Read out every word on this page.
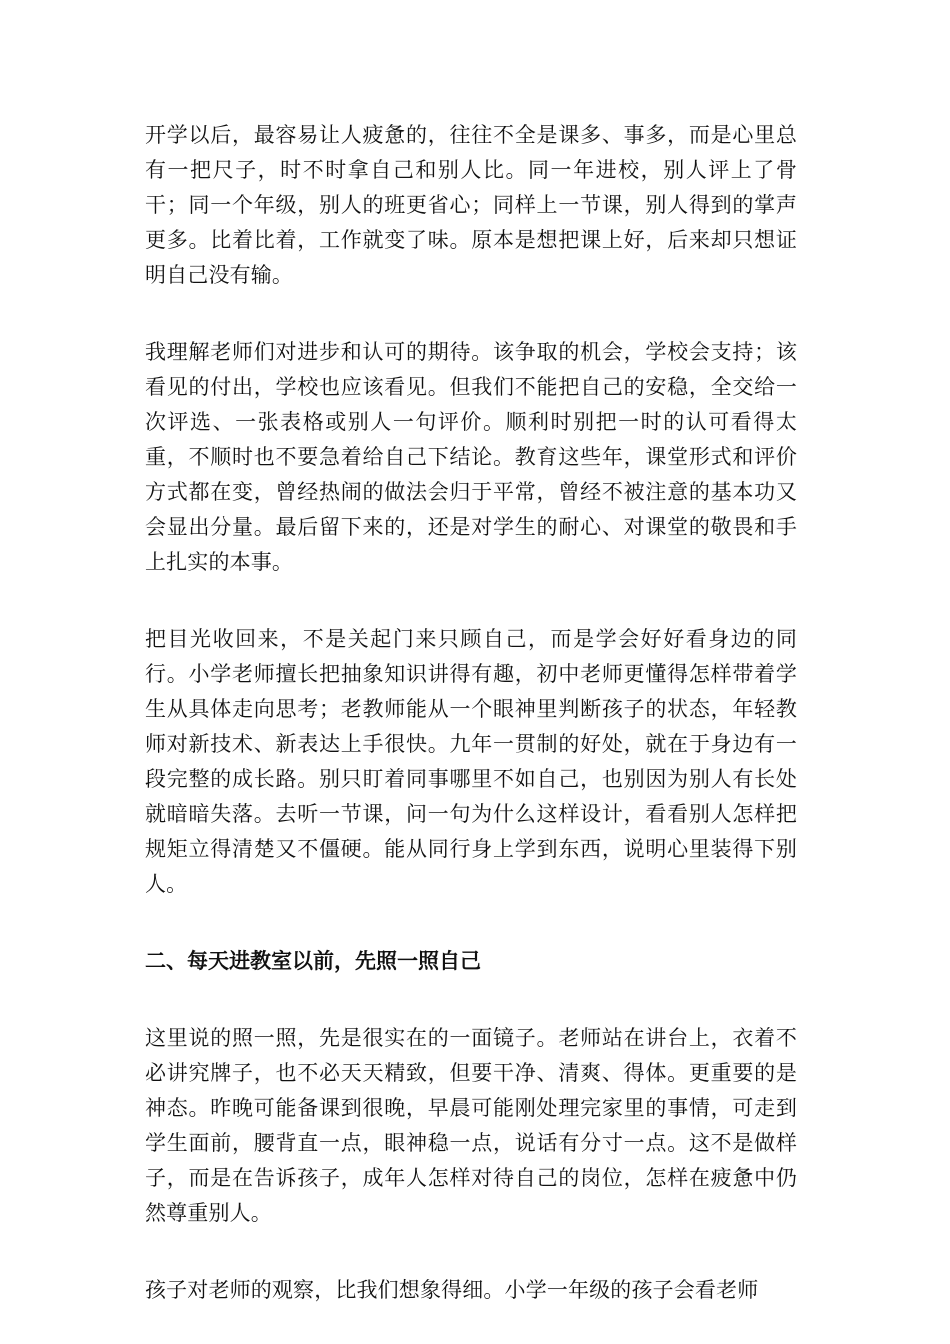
开学以后，最容易让人疲惫的，往往不全是课多、事多，而是心里总有一把尺子，时不时拿自己和别人比。同一年进校，别人评上了骨干；同一个年级，别人的班更省心；同样上一节课，别人得到的掌声更多。比着比着，工作就变了味。原本是想把课上好，后来却只想证明自己没有输。

我理解老师们对进步和认可的期待。该争取的机会，学校会支持；该看见的付出，学校也应该看见。但我们不能把自己的安稳，全交给一次评选、一张表格或别人一句评价。顺利时别把一时的认可看得太重，不顺时也不要急着给自己下结论。教育这些年，课堂形式和评价方式都在变，曾经热闹的做法会归于平常，曾经不被注意的基本功又会显出分量。最后留下来的，还是对学生的耐心、对课堂的敬畏和手上扎实的本事。

把目光收回来，不是关起门来只顾自己，而是学会好好看身边的同行。小学老师擅长把抽象知识讲得有趣，初中老师更懂得怎样带着学生从具体走向思考；老教师能从一个眼神里判断孩子的状态，年轻教师对新技术、新表达上手很快。九年一贯制的好处，就在于身边有一段完整的成长路。别只盯着同事哪里不如自己，也别因为别人有长处就暗暗失落。去听一节课，问一句为什么这样设计，看看别人怎样把规矩立得清楚又不僵硬。能从同行身上学到东西，说明心里装得下别人。

二、每天进教室以前，先照一照自己

这里说的照一照，先是很实在的一面镜子。老师站在讲台上，衣着不必讲究牌子，也不必天天精致，但要干净、清爽、得体。更重要的是神态。昨晚可能备课到很晚，早晨可能刚处理完家里的事情，可走到学生面前，腰背直一点，眼神稳一点，说话有分寸一点。这不是做样子，而是在告诉孩子，成年人怎样对待自己的岗位，怎样在疲惫中仍然尊重别人。

孩子对老师的观察，比我们想象得细。小学一年级的孩子会看老师
